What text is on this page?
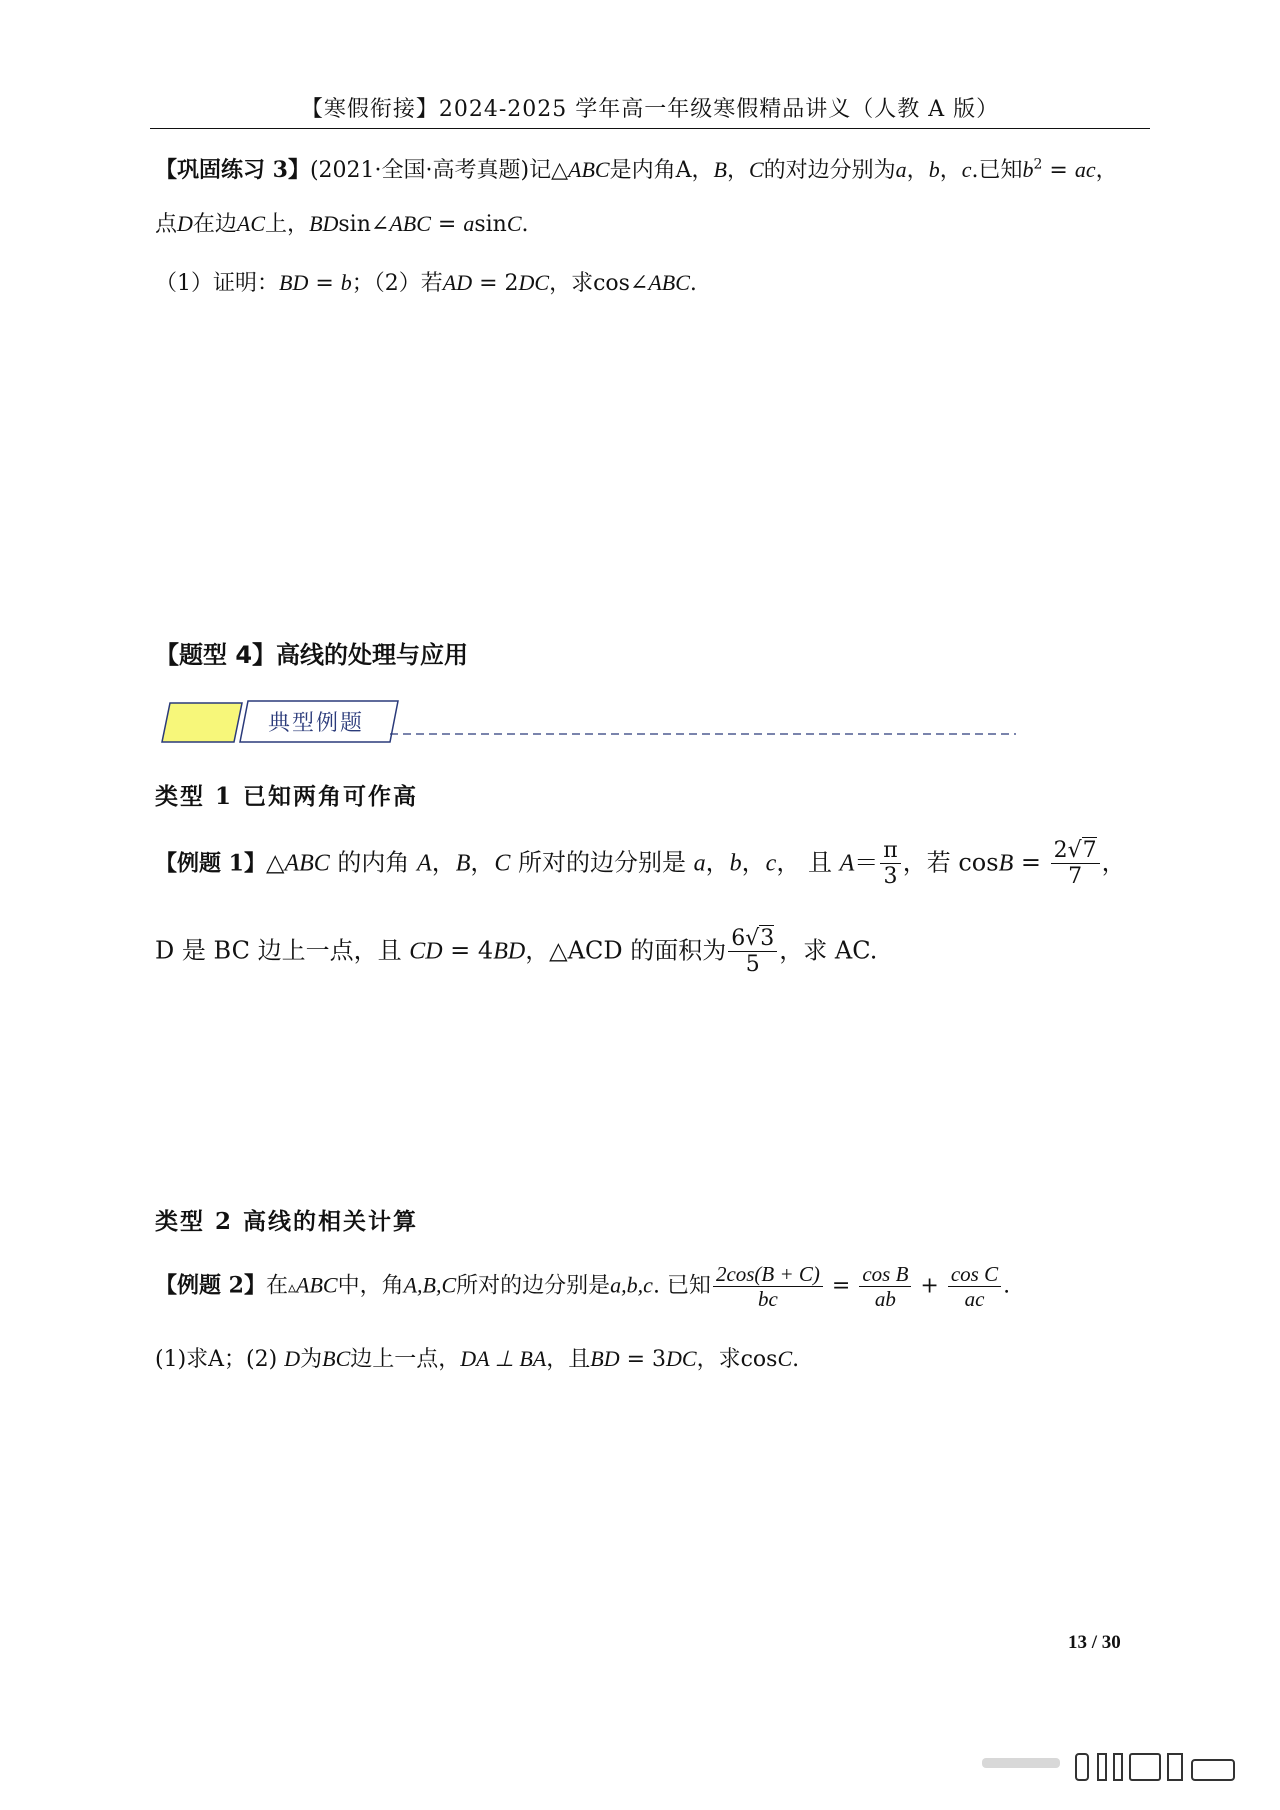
【寒假衔接】2024-2025 学年高一年级寒假精品讲义（人教 A 版）
【巩固练习 3】(2021·全国·高考真题)记△ABC是内角A，B，C的对边分别为a，b，c.已知$b^2$ = ac，
点D在边AC上，BDsin∠ABC = asinC.
（1）证明：BD = b；（2）若AD = 2DC，求cos∠ABC.
【题型 4】高线的处理与应用
典型例题
类型 1 已知两角可作高
【例题 1】△ABC 的内角 A，B，C 所对的边分别是 a，b，c， 且 $A= \frac{\pi}{3}$ ，若 $\cos B = \frac{2√7}{7}$ ，
D 是 BC 边上一点，且 CD = 4BD，△ACD 的面积为 $\frac{6√3}{5}$ ，求 AC.
类型 2 高线的相关计算
【例题 2】在▵ABC中，角A,B,C所对的边分别是a,b,c. 已知 $\frac{2\cos(B + C)}{bc} = \frac{\text{cos B}}{ab} + \frac{\text{cos C}}{ac}$ .
(1)求A；(2) D为BC边上一点，DA ⊥ BA，且BD = 3DC，求cosC.
13 / 30
